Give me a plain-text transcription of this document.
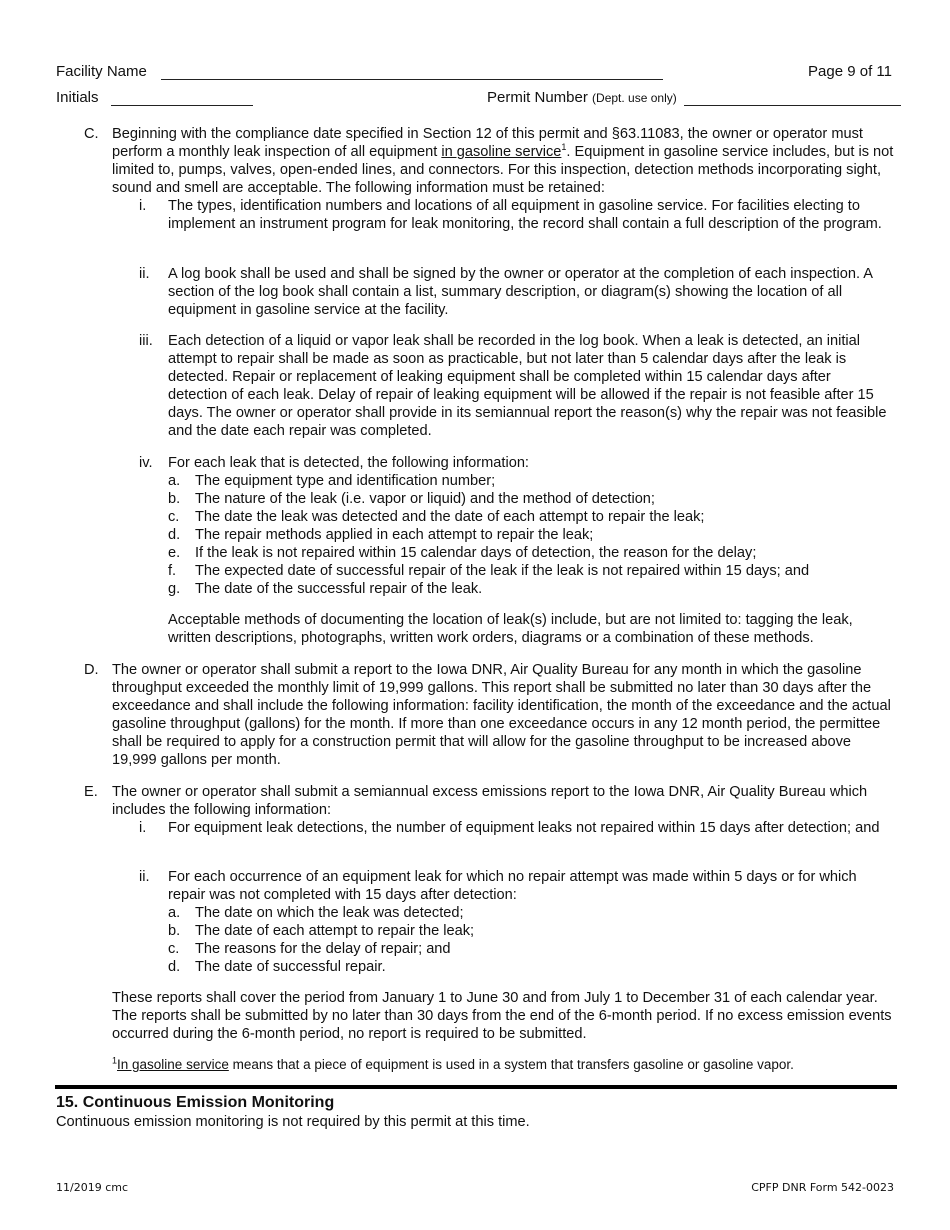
Facility Name	Page 9 of 11
Initials	Permit Number (Dept. use only)
C. Beginning with the compliance date specified in Section 12 of this permit and §63.11083, the owner or operator must perform a monthly leak inspection of all equipment in gasoline service$^1$. Equipment in gasoline service includes, but is not limited to, pumps, valves, open-ended lines, and connectors. For this inspection, detection methods incorporating sight, sound and smell are acceptable. The following information must be retained:
i. The types, identification numbers and locations of all equipment in gasoline service. For facilities electing to implement an instrument program for leak monitoring, the record shall contain a full description of the program.
ii. A log book shall be used and shall be signed by the owner or operator at the completion of each inspection. A section of the log book shall contain a list, summary description, or diagram(s) showing the location of all equipment in gasoline service at the facility.
iii. Each detection of a liquid or vapor leak shall be recorded in the log book. When a leak is detected, an initial attempt to repair shall be made as soon as practicable, but not later than 5 calendar days after the leak is detected. Repair or replacement of leaking equipment shall be completed within 15 calendar days after detection of each leak. Delay of repair of leaking equipment will be allowed if the repair is not feasible after 15 days. The owner or operator shall provide in its semiannual report the reason(s) why the repair was not feasible and the date each repair was completed.
iv. For each leak that is detected, the following information:
a. The equipment type and identification number;
b. The nature of the leak (i.e. vapor or liquid) and the method of detection;
c. The date the leak was detected and the date of each attempt to repair the leak;
d. The repair methods applied in each attempt to repair the leak;
e. If the leak is not repaired within 15 calendar days of detection, the reason for the delay;
f. The expected date of successful repair of the leak if the leak is not repaired within 15 days; and
g. The date of the successful repair of the leak.
Acceptable methods of documenting the location of leak(s) include, but are not limited to: tagging the leak, written descriptions, photographs, written work orders, diagrams or a combination of these methods.
D. The owner or operator shall submit a report to the Iowa DNR, Air Quality Bureau for any month in which the gasoline throughput exceeded the monthly limit of 19,999 gallons. This report shall be submitted no later than 30 days after the exceedance and shall include the following information: facility identification, the month of the exceedance and the actual gasoline throughput (gallons) for the month. If more than one exceedance occurs in any 12 month period, the permittee shall be required to apply for a construction permit that will allow for the gasoline throughput to be increased above 19,999 gallons per month.
E. The owner or operator shall submit a semiannual excess emissions report to the Iowa DNR, Air Quality Bureau which includes the following information:
i. For equipment leak detections, the number of equipment leaks not repaired within 15 days after detection; and
ii. For each occurrence of an equipment leak for which no repair attempt was made within 5 days or for which repair was not completed with 15 days after detection:
a. The date on which the leak was detected;
b. The date of each attempt to repair the leak;
c. The reasons for the delay of repair; and
d. The date of successful repair.
These reports shall cover the period from January 1 to June 30 and from July 1 to December 31 of each calendar year. The reports shall be submitted by no later than 30 days from the end of the 6-month period. If no excess emission events occurred during the 6-month period, no report is required to be submitted.
$^1$In gasoline service means that a piece of equipment is used in a system that transfers gasoline or gasoline vapor.
15. Continuous Emission Monitoring
Continuous emission monitoring is not required by this permit at this time.
11/2019 cmc	CPFP DNR Form 542-0023
